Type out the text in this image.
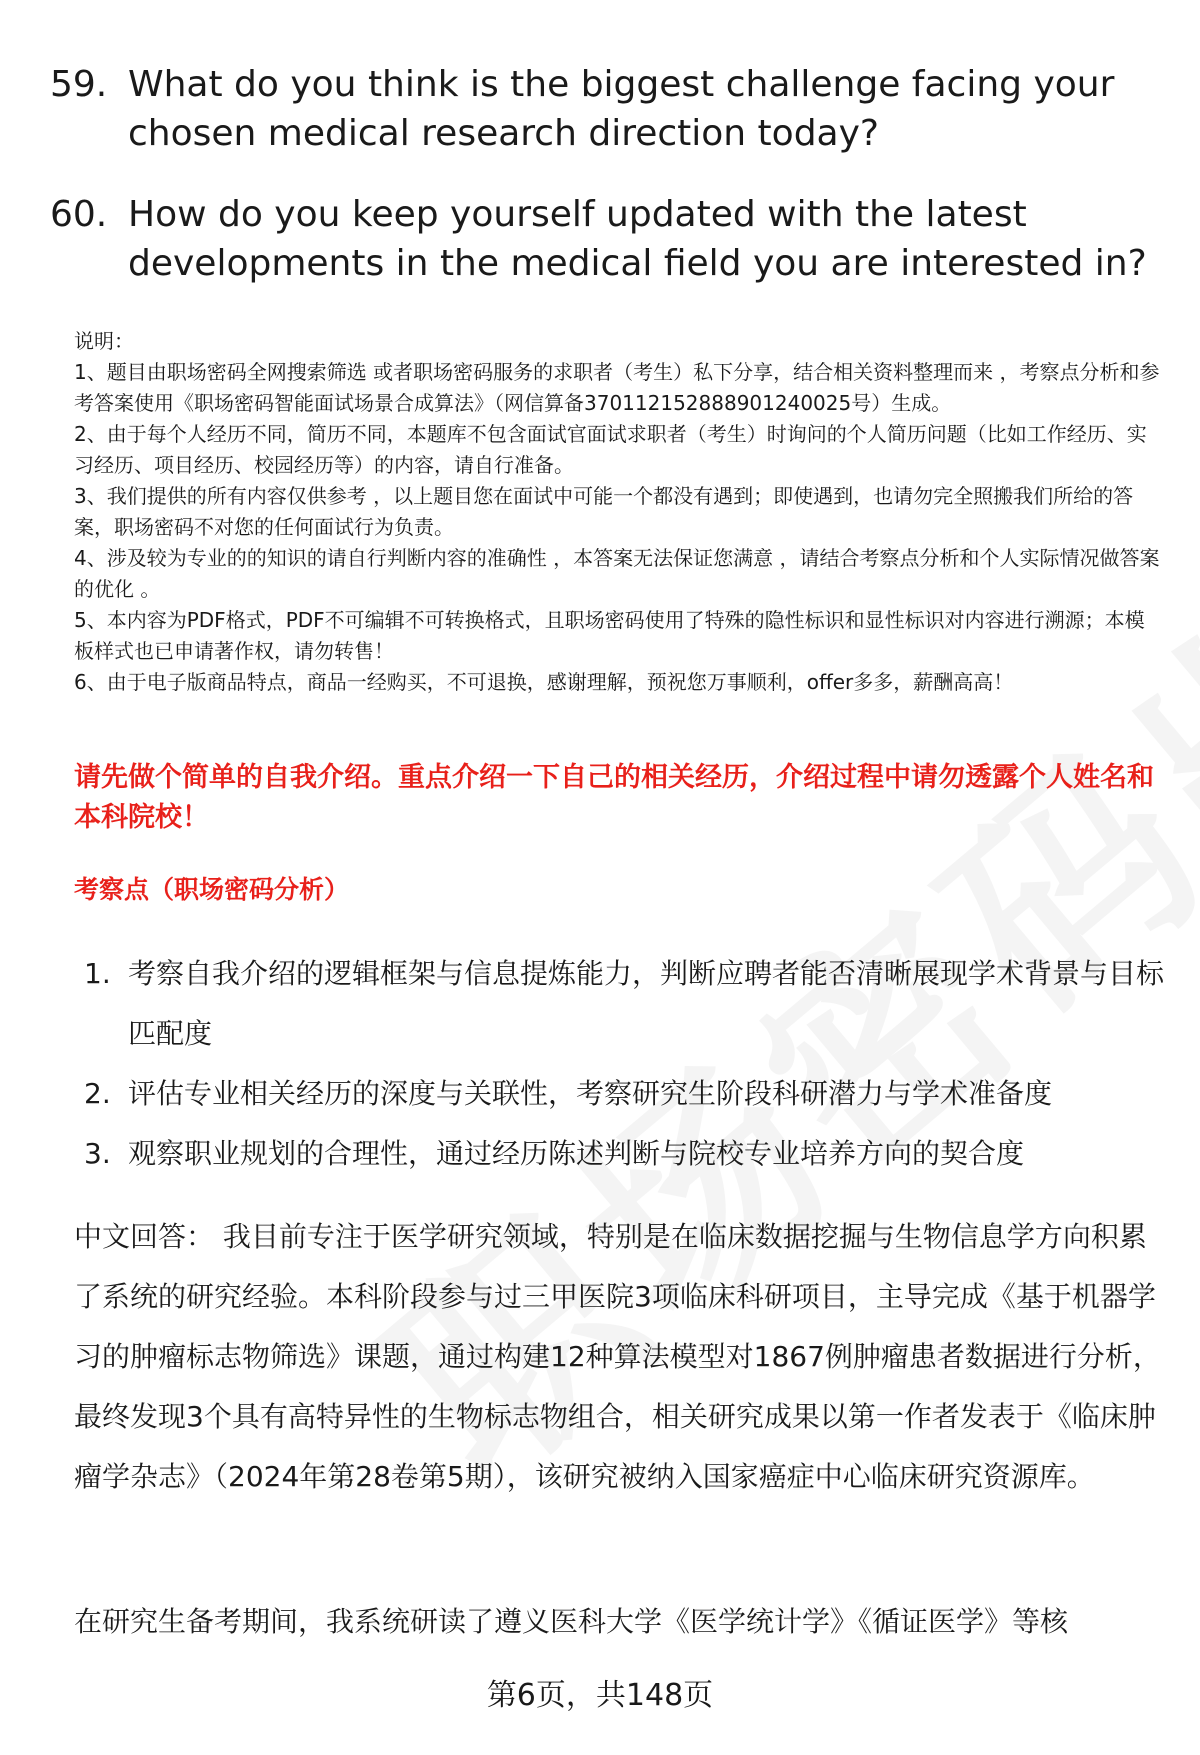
59. What do you think is the biggest challenge facing your chosen medical research direction today?
60. How do you keep yourself updated with the latest developments in the medical field you are interested in?

说明：

1、题目由职场密码全网搜索筛选 或者职场密码服务的求职者（考生）私下分享，结合相关资料整理而来 ，考察点分析和参考答案使用《职场密码智能面试场景合成算法》（网信算备370112152888901240025号）生成。

2、由于每个人经历不同，简历不同，本题库不包含面试官面试求职者（考生）时询问的个人简历问题（比如工作经历、实习经历、项目经历、校园经历等）的内容，请自行准备。

3、我们提供的所有内容仅供参考 ，以上题目您在面试中可能一个都没有遇到；即使遇到，也请勿完全照搬我们所给的答案，职场密码不对您的任何面试行为负责。

4、涉及较为专业的的知识的请自行判断内容的准确性 ，本答案无法保证您满意 ，请结合考察点分析和个人实际情况做答案的优化 。

5、本内容为PDF格式，PDF不可编辑不可转换格式，且职场密码使用了特殊的隐性标识和显性标识对内容进行溯源；本模板样式也已申请著作权，请勿转售！

6、由于电子版商品特点，商品一经购买，不可退换，感谢理解，预祝您万事顺利，offer多多，薪酬高高！

请先做个简单的自我介绍。重点介绍一下自己的相关经历，介绍过程中请勿透露个人姓名和本科院校！
考察点（职场密码分析）
1. 考察自我介绍的逻辑框架与信息提炼能力，判断应聘者能否清晰展现学术背景与目标匹配度
2. 评估专业相关经历的深度与关联性，考察研究生阶段科研潜力与学术准备度
3. 观察职业规划的合理性，通过经历陈述判断与院校专业培养方向的契合度
中文回答： 我目前专注于医学研究领域，特别是在临床数据挖掘与生物信息学方向积累了系统的研究经验。本科阶段参与过三甲医院3项临床科研项目，主导完成《基于机器学习的肿瘤标志物筛选》课题，通过构建12种算法模型对1867例肿瘤患者数据进行分析，最终发现3个具有高特异性的生物标志物组合，相关研究成果以第一作者发表于《临床肿瘤学杂志》（2024年第28卷第5期），该研究被纳入国家癌症中心临床研究资源库。
在研究生备考期间，我系统研读了遵义医科大学《医学统计学》《循证医学》等核
第6页，共148页
